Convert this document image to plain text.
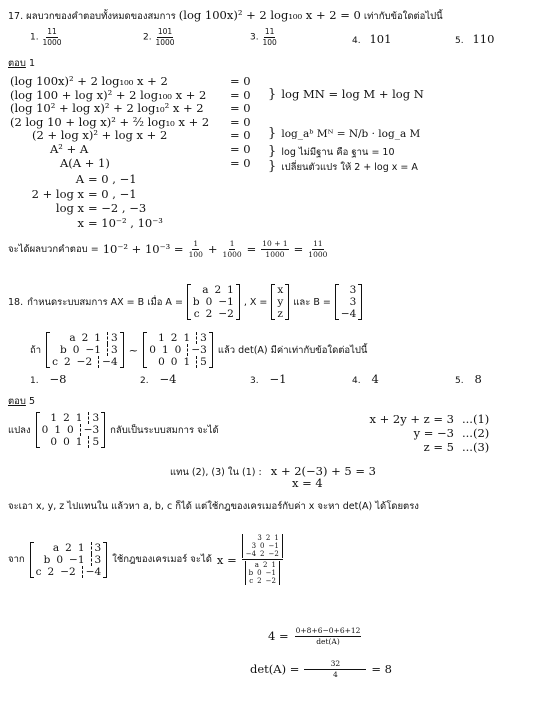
17. ผลบวกของคำตอบทั้งหมดของสมการ (log 100x)² + 2 log₁₀₀ x + 2 = 0 เท่ากับข้อใดต่อไปนี้
1. $\frac{11}{1000}$	2. $\frac{101}{1000}$	3. $\frac{11}{100}$	4. 101	5. 110
ตอบ 1
(log 100x)² + 2 log₁₀₀ x + 2	= 0
(log 100 + log x)² + 2 log₁₀₀ x + 2	= 0
(log 10² + log x)² + 2 log₁₀² x + 2	= 0
(2 log 10 + log x)² + ²⁄₂ log₁₀ x + 2	= 0
(2 + log x)² + log x + 2	= 0
A² + A	= 0
A(A + 1)	= 0
A = 0 , −1
2 + log x = 0 , −1
log x = −2 , −3
x = 10⁻² , 10⁻³
} log MN = log M + log N
} log_aᵇ Mᴺ = N/b · log_a M
} log ไม่มีฐาน คือ ฐาน = 10
} เปลี่ยนตัวแปร ให้ 2 + log x = A
จะได้ผลบวกคำตอบ = $10^{-2} + 10^{-3} = \frac{1}{100} + \frac{1}{1000} = \frac{10 + 1}{1000} = \frac{11}{1000}$
18. กำหนดระบบสมการ AX = B เมื่อ A =
a 2 1
b 0 −1
c 2 −2
, X =
x
y
z
และ B =
3
3
−4
ถ้า
a 2 1 3
b 0 −1 3
c 2 −2 −4
~
1 2 1 3
0 1 0 −3
0 0 1 5
แล้ว det(A) มีค่าเท่ากับข้อใดต่อไปนี้
1. −8	2. −4	3. −1	4. 4	5. 8
ตอบ 5
แปลง
1 2 1 3
0 1 0 −3
0 0 1 5
กลับเป็นระบบสมการ จะได้
x + 2y + z = 3 ...(1)
y = −3 ...(2)
z = 5 ...(3)
แทน (2), (3) ใน (1) : x + 2(−3) + 5 = 3
x = 4
จะเอา x, y, z ไปแทนใน แล้วหา a, b, c ก็ได้ แต่ใช้กฎของเครเมอร์กับค่า x จะหา det(A) ได้โดยตรง
จาก
a 2 1 3
b 0 −1 3
c 2 −2 −4
ใช้กฎของเครเมอร์ จะได้ x =
3 2 1
3 0 −1
−4 2 −2
a 2 1
b 0 −1
c 2 −2
$4 = \frac{0+8+6-0+6+12}{\det(A)}$
$\det(A) = \frac{32}{4} = 8$
